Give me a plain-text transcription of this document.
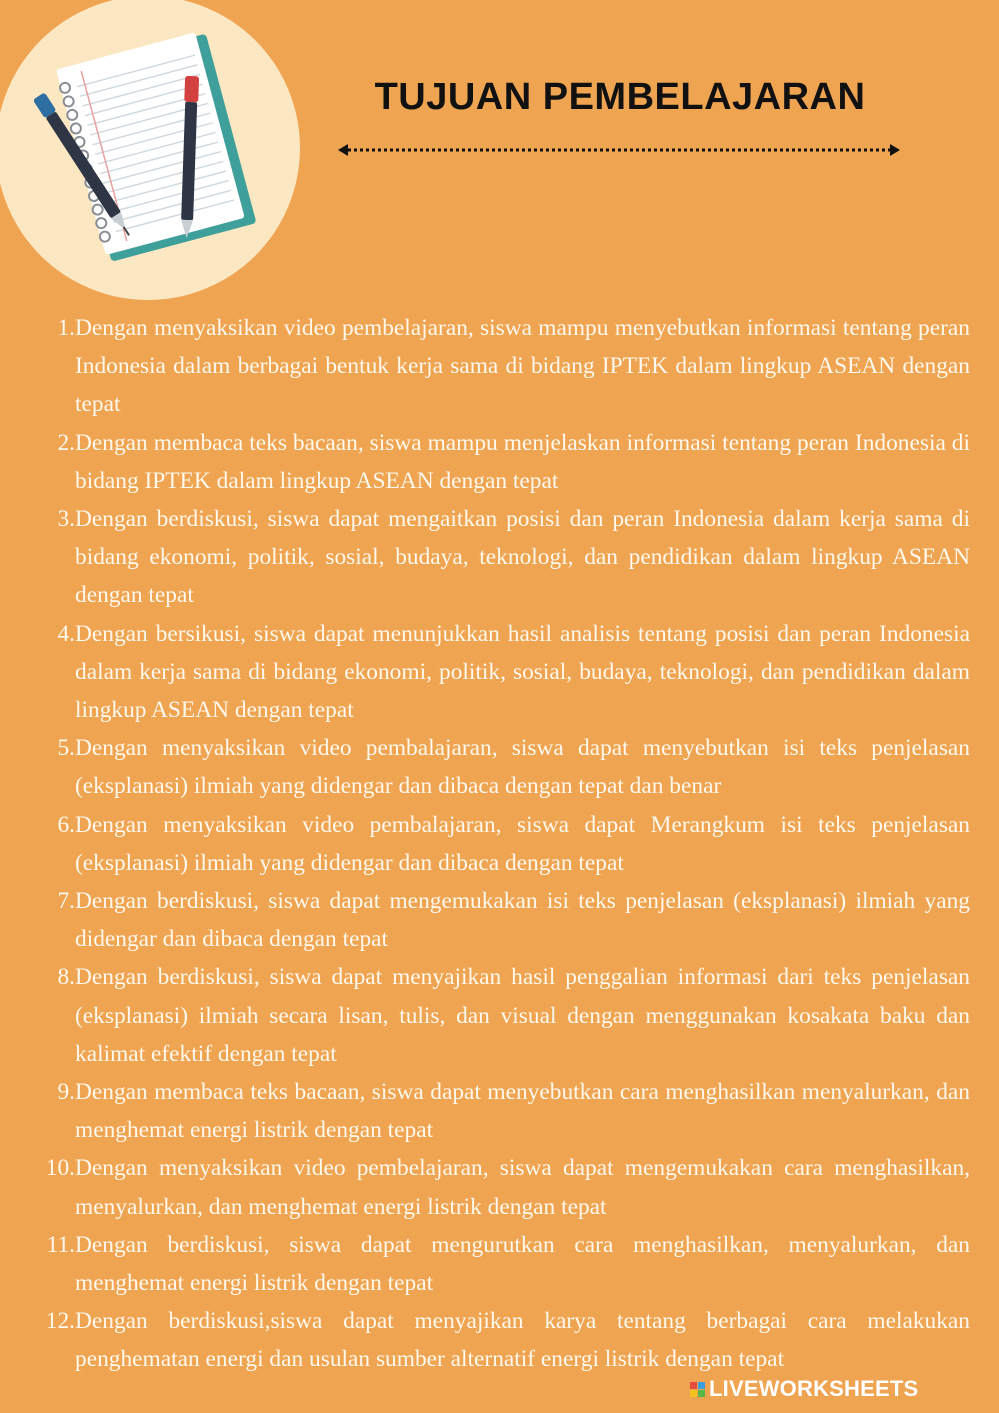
TUJUAN PEMBELAJARAN
1. Dengan menyaksikan video pembelajaran, siswa mampu menyebutkan informasi tentang peran Indonesia dalam berbagai bentuk kerja sama di bidang IPTEK dalam lingkup ASEAN dengan tepat
2. Dengan membaca teks bacaan, siswa mampu menjelaskan informasi tentang peran Indonesia di bidang IPTEK dalam lingkup ASEAN dengan tepat
3. Dengan berdiskusi, siswa dapat mengaitkan posisi dan peran Indonesia dalam kerja sama di bidang ekonomi, politik, sosial, budaya, teknologi, dan pendidikan dalam lingkup ASEAN dengan tepat
4. Dengan bersikusi, siswa dapat menunjukkan hasil analisis tentang posisi dan peran Indonesia dalam kerja sama di bidang ekonomi, politik, sosial, budaya, teknologi, dan pendidikan dalam lingkup ASEAN dengan tepat
5. Dengan menyaksikan video pembalajaran, siswa dapat menyebutkan isi teks penjelasan (eksplanasi) ilmiah yang didengar dan dibaca dengan tepat dan benar
6. Dengan menyaksikan video pembalajaran, siswa dapat Merangkum isi teks penjelasan (eksplanasi) ilmiah yang didengar dan dibaca dengan tepat
7. Dengan berdiskusi, siswa dapat mengemukakan isi teks penjelasan (eksplanasi) ilmiah yang didengar dan dibaca dengan tepat
8. Dengan berdiskusi, siswa dapat menyajikan hasil penggalian informasi dari teks penjelasan (eksplanasi) ilmiah secara lisan, tulis, dan visual dengan menggunakan kosakata baku dan kalimat efektif dengan tepat
9. Dengan membaca teks bacaan, siswa dapat menyebutkan cara menghasilkan menyalurkan, dan menghemat energi listrik dengan tepat
10. Dengan menyaksikan video pembelajaran, siswa dapat mengemukakan cara menghasilkan, menyalurkan, dan menghemat energi listrik dengan tepat
11. Dengan berdiskusi, siswa dapat mengurutkan cara menghasilkan, menyalurkan, dan menghemat energi listrik dengan tepat
12. Dengan berdiskusi,siswa dapat menyajikan karya tentang berbagai cara melakukan penghematan energi dan usulan sumber alternatif energi listrik dengan tepat
LIVEWORKSHEETS
